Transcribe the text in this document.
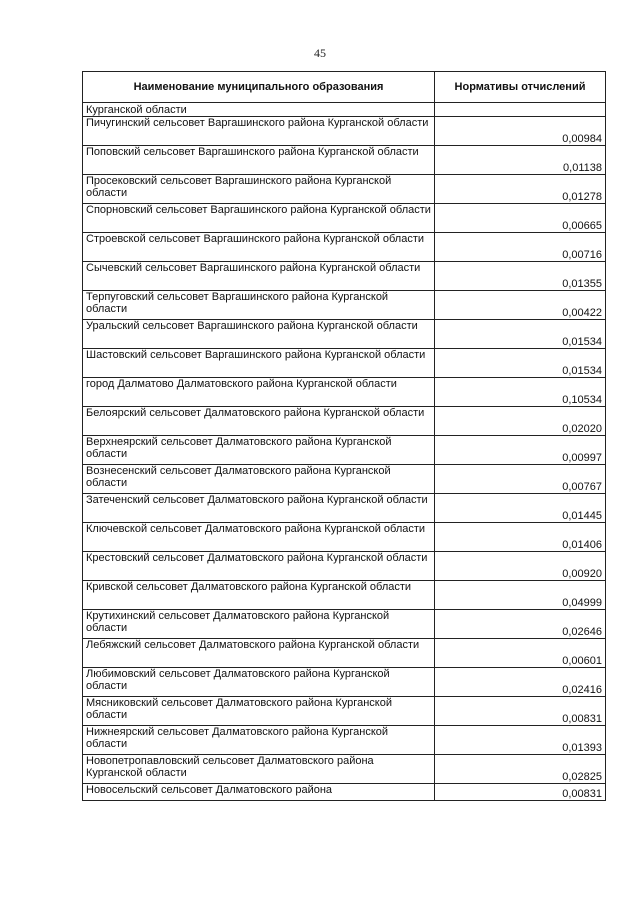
45
Наименование муниципального образования	Нормативы отчислений
Курганской области	
Пичугинский сельсовет Варгашинского района Курганской области	0,00984
Поповский сельсовет Варгашинского района Курганской области	0,01138
Просековский сельсовет Варгашинского района Курганской области	0,01278
Спорновский сельсовет Варгашинского района Курганской области	0,00665
Строевской сельсовет Варгашинского района Курганской области	0,00716
Сычевский сельсовет Варгашинского района Курганской области	0,01355
Терпуговский сельсовет Варгашинского района Курганской области	0,00422
Уральский сельсовет Варгашинского района Курганской области	0,01534
Шастовский сельсовет Варгашинского района Курганской области	0,01534
город Далматово Далматовского района Курганской области	0,10534
Белоярский сельсовет Далматовского района Курганской области	0,02020
Верхнеярский сельсовет Далматовского района Курганской области	0,00997
Вознесенский сельсовет Далматовского района Курганской области	0,00767
Затеченский сельсовет Далматовского района Курганской области	0,01445
Ключевской сельсовет Далматовского района Курганской области	0,01406
Крестовский сельсовет Далматовского района Курганской области	0,00920
Кривской сельсовет Далматовского района Курганской области	0,04999
Крутихинский сельсовет Далматовского района Курганской области	0,02646
Лебяжский сельсовет Далматовского района Курганской области	0,00601
Любимовский сельсовет Далматовского района Курганской области	0,02416
Мясниковский сельсовет Далматовского района Курганской области	0,00831
Нижнеярский сельсовет Далматовского района Курганской области	0,01393
Новопетропавловский сельсовет Далматовского района Курганской области	0,02825
Новосельский сельсовет Далматовского района	0,00831
